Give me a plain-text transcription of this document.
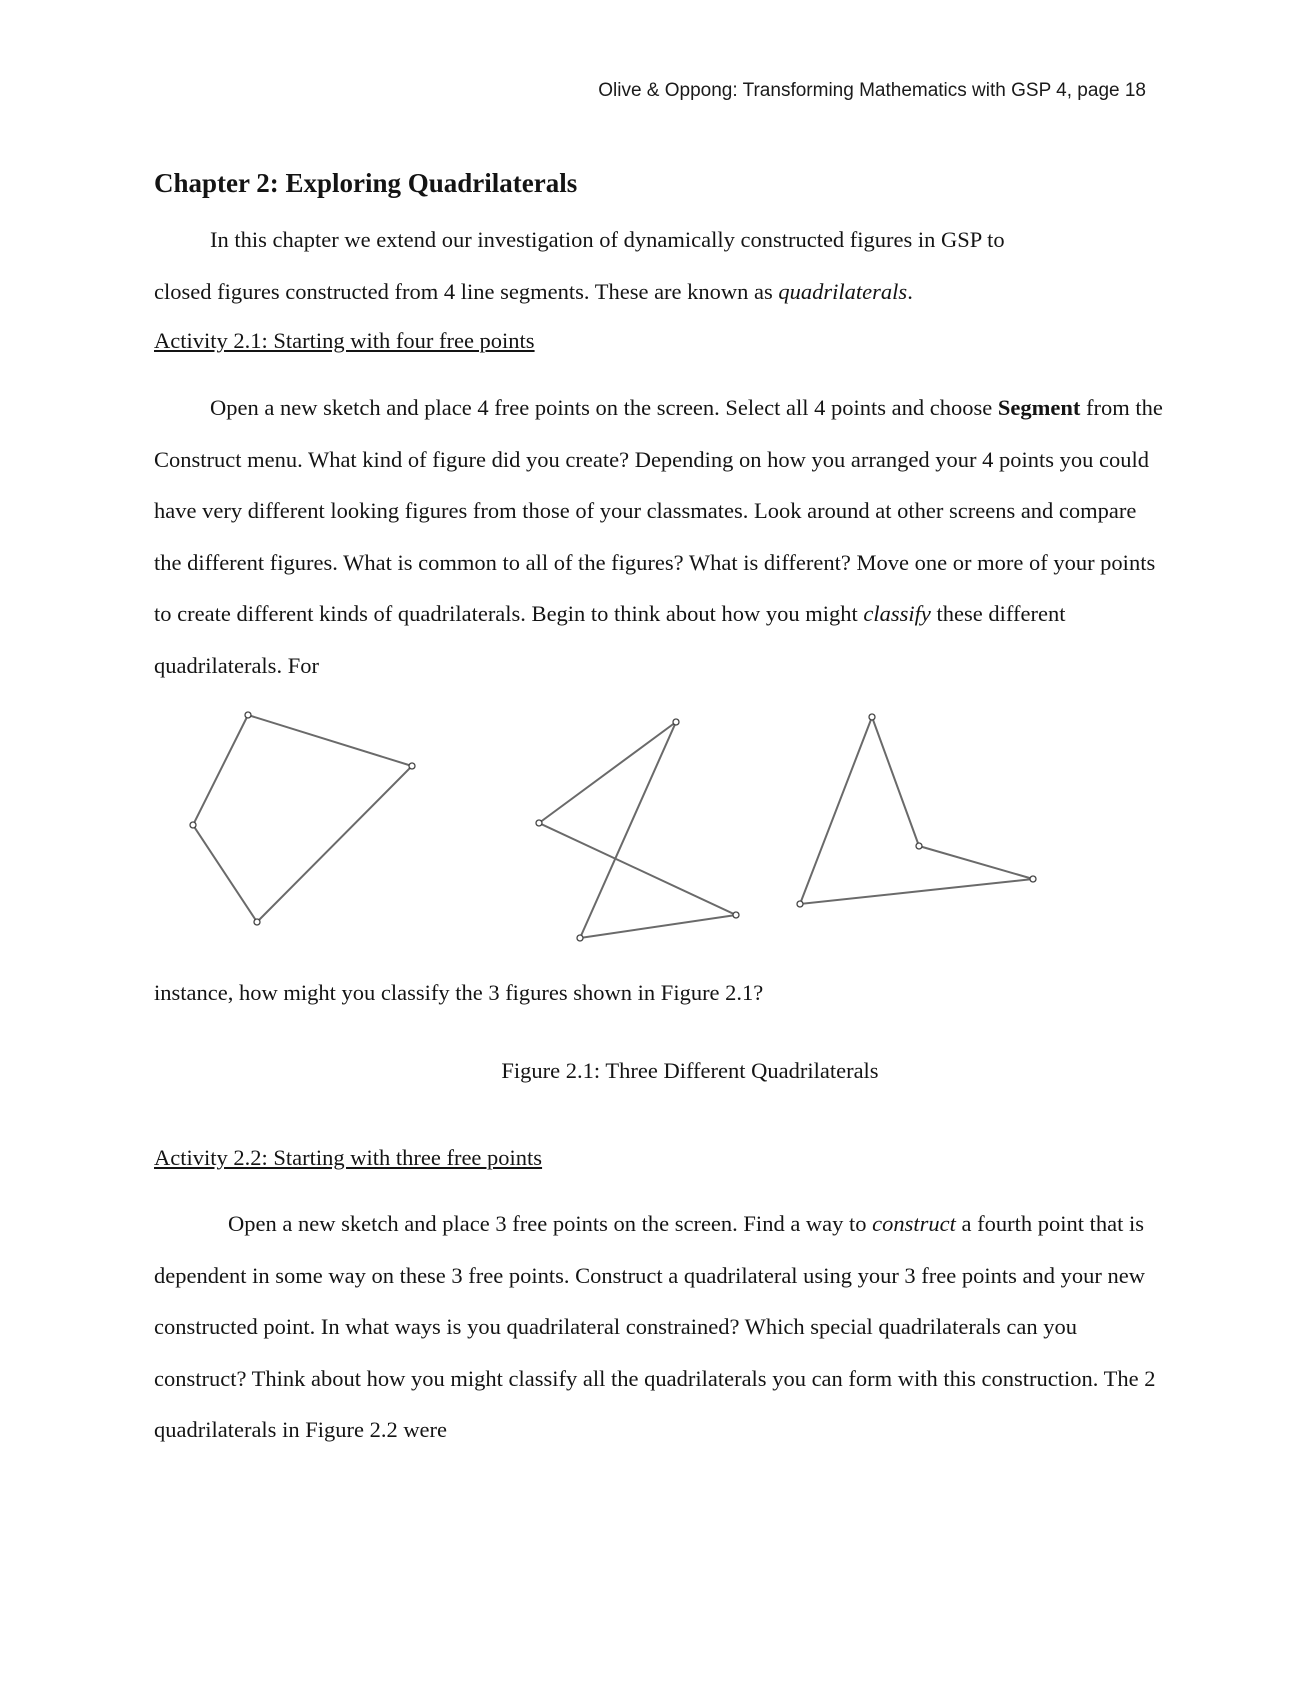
Olive & Oppong: Transforming Mathematics with GSP 4, page 18
Chapter 2: Exploring Quadrilaterals

In this chapter we extend our investigation of dynamically constructed figures in GSP to
closed figures constructed from 4 line segments. These are known as quadrilaterals.

Activity 2.1: Starting with four free points

Open a new sketch and place 4 free points on the screen. Select all 4 points and choose Segment from the Construct menu. What kind of figure did you create? Depending on how you arranged your 4 points you could have very different looking figures from those of your classmates. Look around at other screens and compare the different figures. What is common to all of the figures? What is different? Move one or more of your points to create different kinds of quadrilaterals. Begin to think about how you might classify these different quadrilaterals. For

instance, how might you classify the 3 figures shown in Figure 2.1?

Figure 2.1: Three Different Quadrilaterals

Activity 2.2: Starting with three free points

Open a new sketch and place 3 free points on the screen. Find a way to construct a fourth point that is dependent in some way on these 3 free points. Construct a quadrilateral using your 3 free points and your new constructed point. In what ways is you quadrilateral constrained? Which special quadrilaterals can you construct? Think about how you might classify all the quadrilaterals you can form with this construction. The 2 quadrilaterals in Figure 2.2 were
